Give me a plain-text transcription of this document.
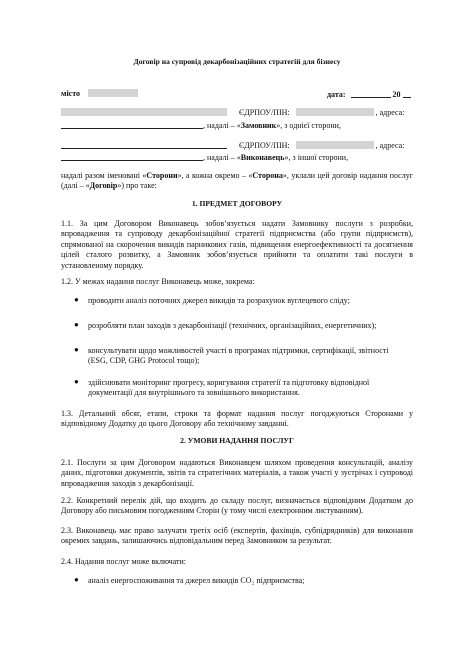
Договір на супровід декарбонізаційних стратегій для бізнесу
місто	дата:	20
ЄДРПОУ/ПІН:	, адреса:
, надалі – «Замовник», з однієї сторони,
ЄДРПОУ/ПІН:	, адреса:
, надалі – «Виконавець», з іншої сторони,
надалі разом іменовані «Сторони», а кожна окремо – «Сторона», уклали цей договір надання послуг (далі – «Договір») про таке:
1. ПРЕДМЕТ ДОГОВОРУ
1.1. За цим Договором Виконавець зобов’язується надати Замовнику послуги з розробки, впровадження та супроводу декарбонізаційної стратегії підприємства (або групи підприємств), спрямованої на скорочення викидів парникових газів, підвищення енергоефективності та досягнення цілей сталого розвитку, а Замовник зобов’язується прийняти та оплатити такі послуги в установленому порядку.
1.2. У межах надання послуг Виконавець може, зокрема:
● проводити аналіз поточних джерел викидів та розрахунок вуглецевого сліду;
● розробляти план заходів з декарбонізації (технічних, організаційних, енергетичних);
● консультувати щодо можливостей участі в програмах підтримки, сертифікації, звітності (ESG, CDP, GHG Protocol тощо);
● здійснювати моніторинг прогресу, коригування стратегії та підготовку відповідної документації для внутрішнього та зовнішнього використання.
1.3. Детальний обсяг, етапи, строки та формат надання послуг погоджуються Сторонами у відповідному Додатку до цього Договору або технічному завданні.
2. УМОВИ НАДАННЯ ПОСЛУГ
2.1. Послуги за цим Договором надаються Виконавцем шляхом проведення консультацій, аналізу даних, підготовки документів, звітів та стратегічних матеріалів, а також участі у зустрічах і супроводі впровадження заходів з декарбонізації.
2.2. Конкретний перелік дій, що входить до складу послуг, визначається відповідним Додатком до Договору або письмовим погодженням Сторін (у тому числі електронним листуванням).
2.3. Виконавець має право залучати третіх осіб (експертів, фахівців, субпідрядників) для виконання окремих завдань, залишаючись відповідальним перед Замовником за результат.
2.4. Надання послуг може включати:
● аналіз енергоспоживання та джерел викидів CO₂ підприємства;
